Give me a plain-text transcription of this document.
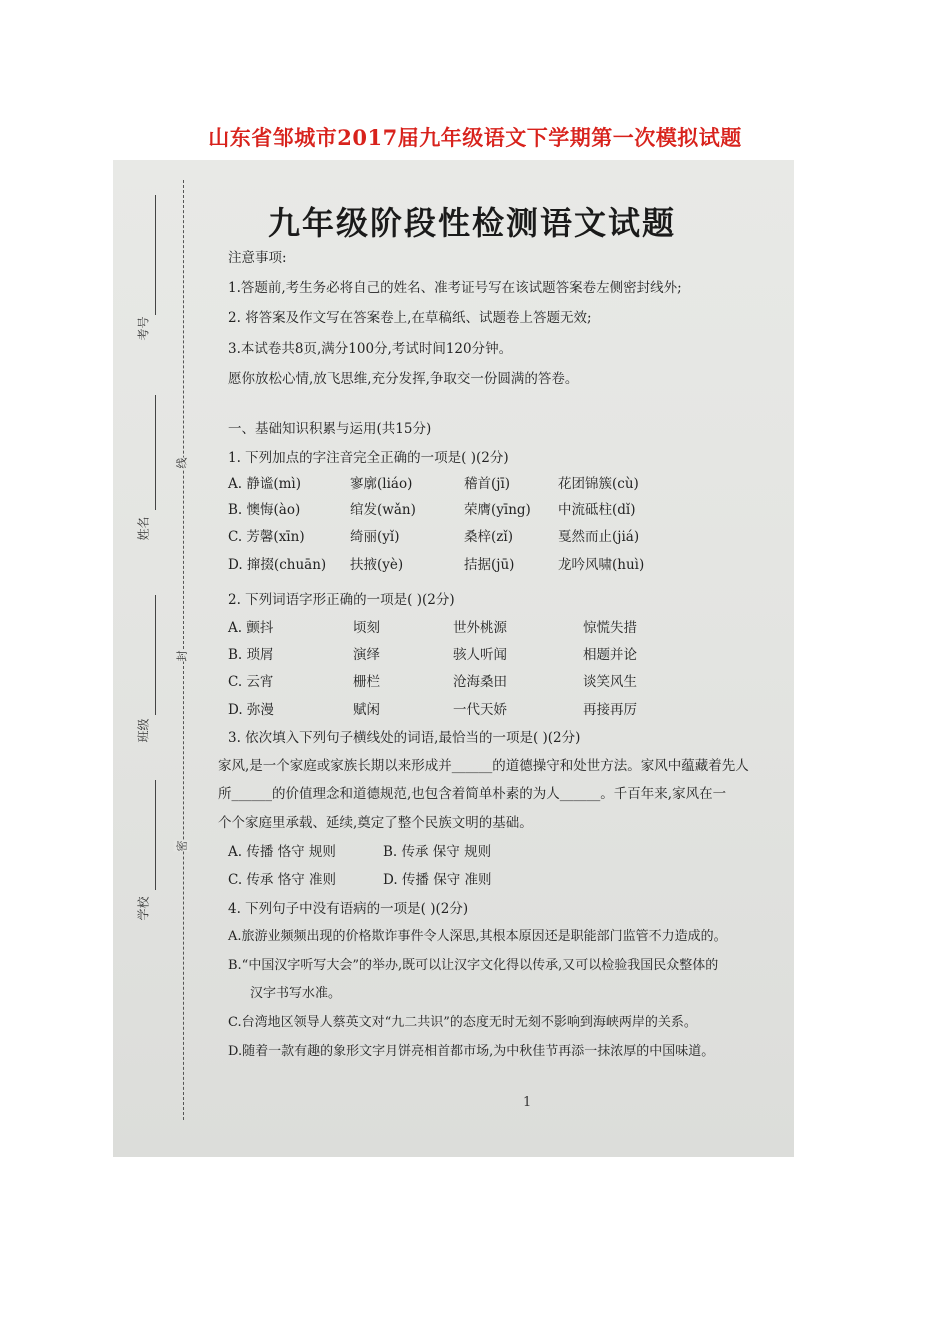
山东省邹城市2017届九年级语文下学期第一次模拟试题
考号
姓名
班级
学校
线
封
密
九年级阶段性检测语文试题
注意事项:
1.答题前,考生务必将自己的姓名、准考证号写在该试题答案卷左侧密封线外;
2. 将答案及作文写在答案卷上,在草稿纸、试题卷上答题无效;
3.本试卷共8页,满分100分,考试时间120分钟。
愿你放松心情,放飞思维,充分发挥,争取交一份圆满的答卷。
一、基础知识积累与运用(共15分)
1. 下列加点的字注音完全正确的一项是( )(2分)
A. 静谧(mì)	寥廓(liáo)	稽首(jī)	花团锦簇(cù)
B. 懊悔(ào)	绾发(wǎn)	荣膺(yīng) 中流砥柱(dǐ)
C. 芳馨(xīn)	绮丽(yǐ)	桑梓(zǐ)	戛然而止(jiá)
D. 撺掇(chuān) 扶掖(yè)	拮据(jū)	龙吟风啸(huì)
2. 下列词语字形正确的一项是( )(2分)
A. 颤抖	顷刻	世外桃源	惊慌失措
B. 琐屑	演绎	骇人听闻	相题并论
C. 云宵	栅栏	沧海桑田	谈笑风生
D. 弥漫	赋闲	一代天娇	再接再厉
3. 依次填入下列句子横线处的词语,最恰当的一项是( )(2分)
家风,是一个家庭或家族长期以来形成并______的道德操守和处世方法。家风中蕴藏着先人
所______的价值理念和道德规范,也包含着简单朴素的为人______。千百年来,家风在一
个个家庭里承载、延续,奠定了整个民族文明的基础。
A. 传播 恪守 规则	B. 传承 保守 规则
C. 传承 恪守 准则	D. 传播 保守 准则
4. 下列句子中没有语病的一项是( )(2分)
A.旅游业频频出现的价格欺诈事件令人深思,其根本原因还是职能部门监管不力造成的。
B.“中国汉字听写大会”的举办,既可以让汉字文化得以传承,又可以检验我国民众整体的
汉字书写水准。
C.台湾地区领导人蔡英文对“九二共识”的态度无时无刻不影响到海峡两岸的关系。
D.随着一款有趣的象形文字月饼亮相首都市场,为中秋佳节再添一抹浓厚的中国味道。
1
